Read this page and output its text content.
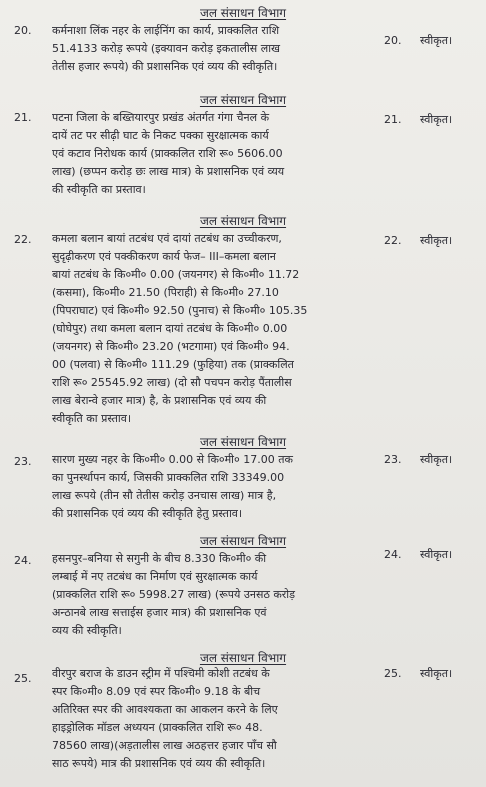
जल संसाधन विभाग
20. कर्मनाशा लिंक नहर के लाईनिंग का कार्य, प्राक्कलित राशि
51.4133 करोड़ रूपये (इक्यावन करोड़ इकतालीस लाख
तेतीस हजार रूपये) की प्रशासनिक एवं व्यय की स्वीकृति।
20. स्वीकृत।
जल संसाधन विभाग
21. पटना जिला के बख्तियारपुर प्रखंड अंतर्गत गंगा चैनल के
दायें तट पर सीढ़ी घाट के निकट पक्का सुरक्षात्मक कार्य
एवं कटाव निरोधक कार्य (प्राक्कलित राशि रू० 5606.00
लाख) (छप्पन करोड़ छः लाख मात्र) के प्रशासनिक एवं व्यय
की स्वीकृति का प्रस्ताव।
21. स्वीकृत।
जल संसाधन विभाग
22. कमला बलान बायां तटबंध एवं दायां तटबंध का उच्चीकरण,
सुदृढ़ीकरण एवं पक्कीकरण कार्य फेज– III–कमला बलान
बायां तटबंध के कि०मी० 0.00 (जयनगर) से कि०मी० 11.72
(कसमा), कि०मी० 21.50 (पिराही) से कि०मी० 27.10
(पिपराघाट) एवं कि०मी० 92.50 (पुनाच) से कि०मी० 105.35
(घोघेपुर) तथा कमला बलान दायां तटबंध के कि०मी० 0.00
(जयनगर) से कि०मी० 23.20 (भटगामा) एवं कि०मी० 94.
00 (पलवा) से कि०मी० 111.29 (फुहिया) तक (प्राक्कलित
राशि रू० 25545.92 लाख) (दो सौ पचपन करोड़ पैंतालीस
लाख बेरान्वे हजार मात्र) है, के प्रशासनिक एवं व्यय की
स्वीकृति का प्रस्ताव।
22. स्वीकृत।
जल संसाधन विभाग
23. सारण मुख्य नहर के कि०मी० 0.00 से कि०मी० 17.00 तक
का पुनर्स्थापन कार्य, जिसकी प्राक्कलित राशि 33349.00
लाख रूपये (तीन सौ तेतीस करोड़ उनचास लाख) मात्र है,
की प्रशासनिक एवं व्यय की स्वीकृति हेतु प्रस्ताव।
23. स्वीकृत।
जल संसाधन विभाग
24. हसनपुर–बनिया से सगुनी के बीच 8.330 कि०मी० की
लम्बाई में नए तटबंध का निर्माण एवं सुरक्षात्मक कार्य
(प्राक्कलित राशि रू० 5998.27 लाख) (रूपये उनसठ करोड़
अन्ठानबे लाख सत्ताईस हजार मात्र) की प्रशासनिक एवं
व्यय की स्वीकृति।
24. स्वीकृत।
जल संसाधन विभाग
25. वीरपुर बराज के डाउन स्ट्रीम में पश्चिमी कोशी तटबंध के
स्पर कि०मी० 8.09 एवं स्पर कि०मी० 9.18 के बीच
अतिरिक्त स्पर की आवश्यकता का आकलन करने के लिए
हाइड्रोलिक मॉडल अध्ययन (प्राक्कलित राशि रू० 48.
78560 लाख)(अड़तालीस लाख अठहत्तर हजार पाँच सौ
साठ रूपये) मात्र की प्रशासनिक एवं व्यय की स्वीकृति।
25. स्वीकृत।
